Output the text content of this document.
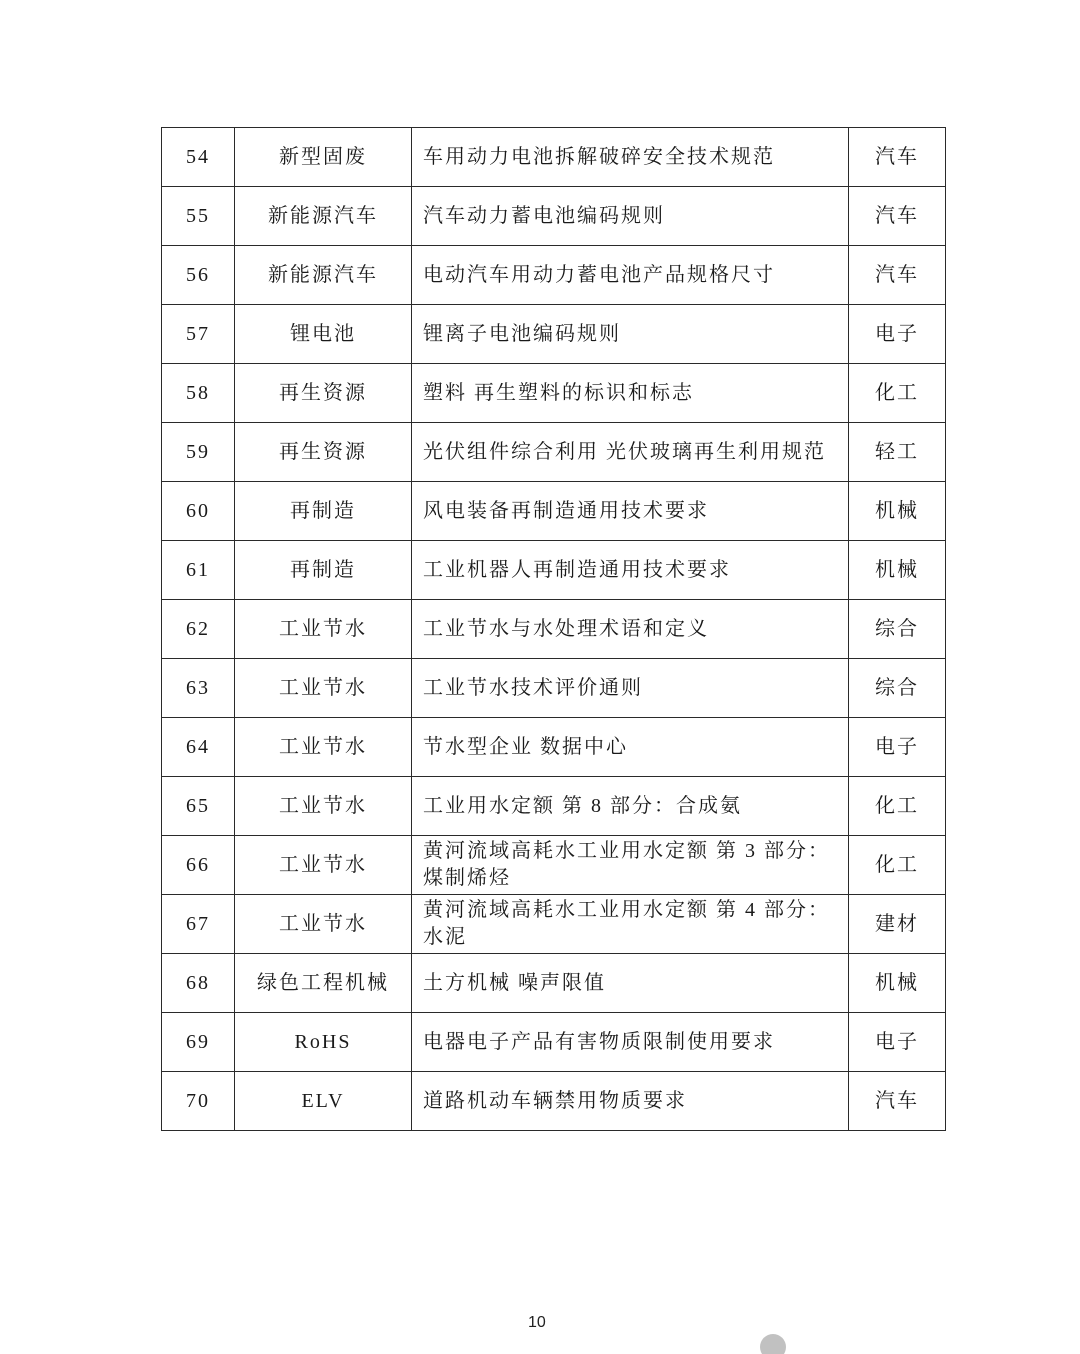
54	新型固废	车用动力电池拆解破碎安全技术规范	汽车
55	新能源汽车	汽车动力蓄电池编码规则	汽车
56	新能源汽车	电动汽车用动力蓄电池产品规格尺寸	汽车
57	锂电池	锂离子电池编码规则	电子
58	再生资源	塑料 再生塑料的标识和标志	化工
59	再生资源	光伏组件综合利用 光伏玻璃再生利用规范	轻工
60	再制造	风电装备再制造通用技术要求	机械
61	再制造	工业机器人再制造通用技术要求	机械
62	工业节水	工业节水与水处理术语和定义	综合
63	工业节水	工业节水技术评价通则	综合
64	工业节水	节水型企业 数据中心	电子
65	工业节水	工业用水定额 第 8 部分：合成氨	化工
66	工业节水	黄河流域高耗水工业用水定额 第 3 部分：煤制烯烃	化工
67	工业节水	黄河流域高耗水工业用水定额 第 4 部分：水泥	建材
68	绿色工程机械	土方机械 噪声限值	机械
69	RoHS	电器电子产品有害物质限制使用要求	电子
70	ELV	道路机动车辆禁用物质要求	汽车
10
